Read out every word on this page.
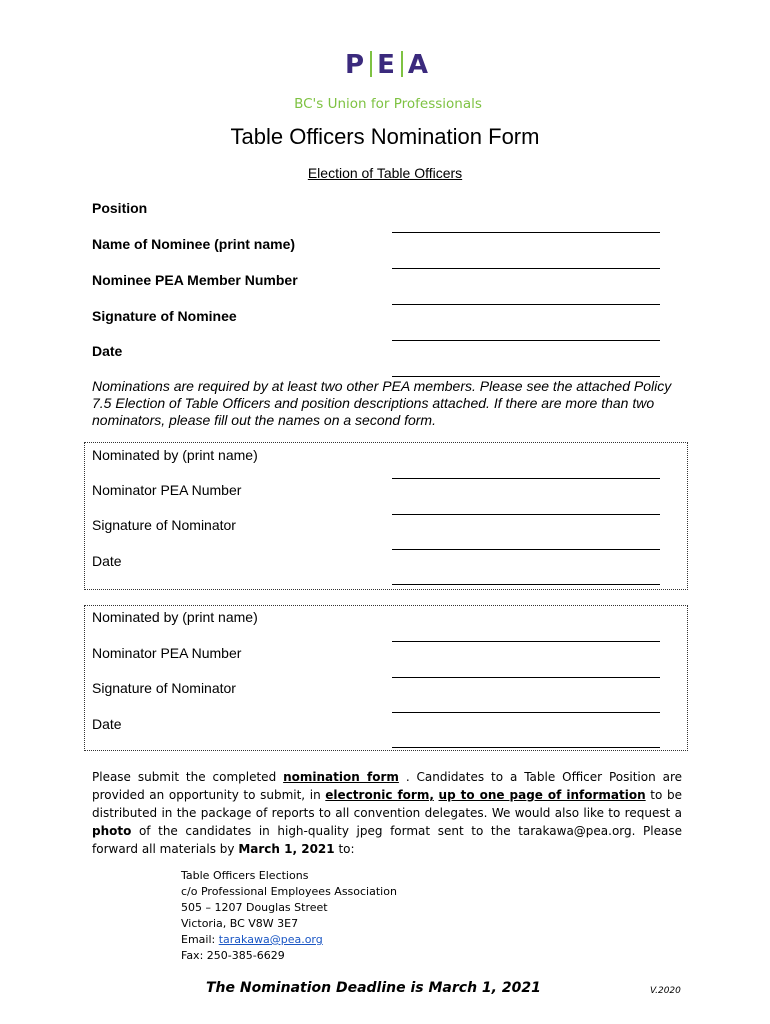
P E A
BC's Union for Professionals
Table Officers Nomination Form
Election of Table Officers
Position
Name of Nominee (print name)
Nominee PEA Member Number
Signature of Nominee
Date
Nominations are required by at least two other PEA members. Please see the attached Policy 7.5 Election of Table Officers and position descriptions attached. If there are more than two nominators, please fill out the names on a second form.
Nominated by (print name)
Nominator PEA Number
Signature of Nominator
Date
Nominated by (print name)
Nominator PEA Number
Signature of Nominator
Date
Please submit the completed nomination form . Candidates to a Table Officer Position are provided an opportunity to submit, in electronic form, up to one page of information to be distributed in the package of reports to all convention delegates. We would also like to request a photo of the candidates in high-quality jpeg format sent to the tarakawa@pea.org. Please forward all materials by March 1, 2021 to:
Table Officers Elections
c/o Professional Employees Association
505 – 1207 Douglas Street
Victoria, BC V8W 3E7
Email: tarakawa@pea.org
Fax: 250-385-6629
The Nomination Deadline is March 1, 2021	V.2020
